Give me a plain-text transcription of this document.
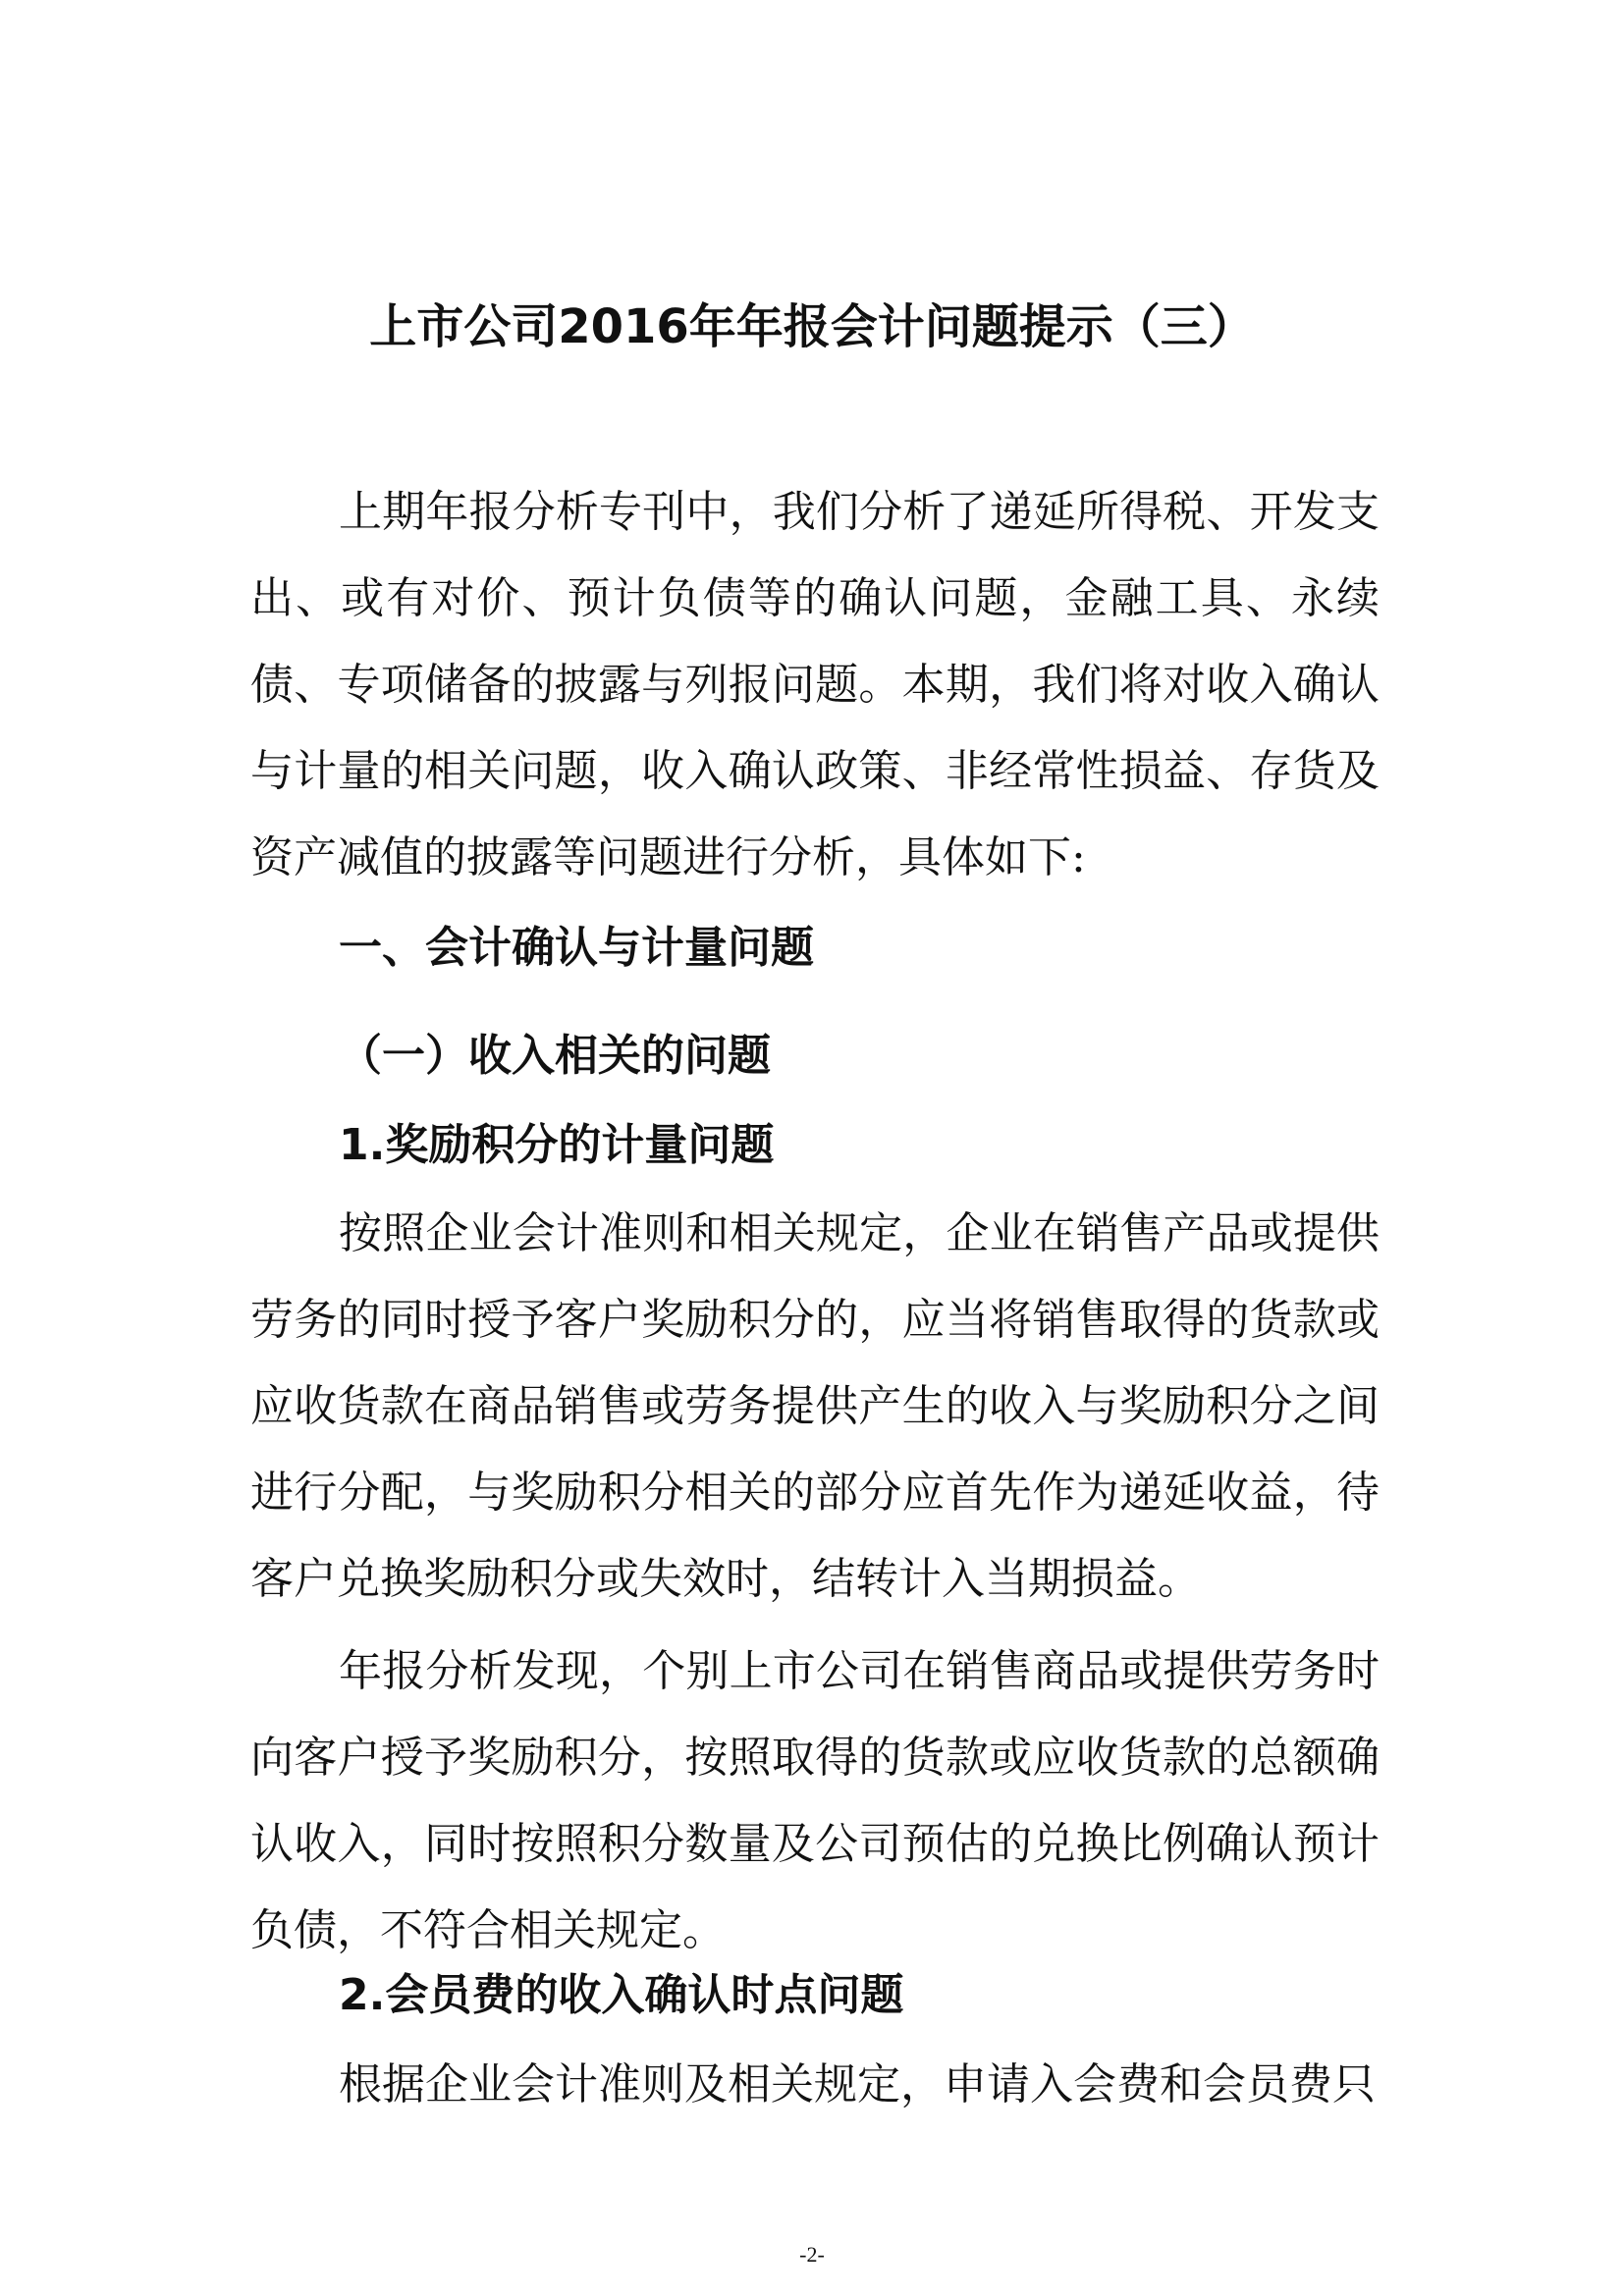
上市公司2016年年报会计问题提示（三）

上期年报分析专刊中，我们分析了递延所得税、开发支出、或有对价、预计负债等的确认问题，金融工具、永续债、专项储备的披露与列报问题。本期，我们将对收入确认与计量的相关问题，收入确认政策、非经常性损益、存货及资产减值的披露等问题进行分析，具体如下:

一、会计确认与计量问题
（一）收入相关的问题
1.奖励积分的计量问题

按照企业会计准则和相关规定，企业在销售产品或提供劳务的同时授予客户奖励积分的，应当将销售取得的货款或应收货款在商品销售或劳务提供产生的收入与奖励积分之间进行分配，与奖励积分相关的部分应首先作为递延收益，待客户兑换奖励积分或失效时，结转计入当期损益。

年报分析发现，个别上市公司在销售商品或提供劳务时向客户授予奖励积分，按照取得的货款或应收货款的总额确认收入，同时按照积分数量及公司预估的兑换比例确认预计负债，不符合相关规定。

2.会员费的收入确认时点问题

根据企业会计准则及相关规定，申请入会费和会员费只

-2-
